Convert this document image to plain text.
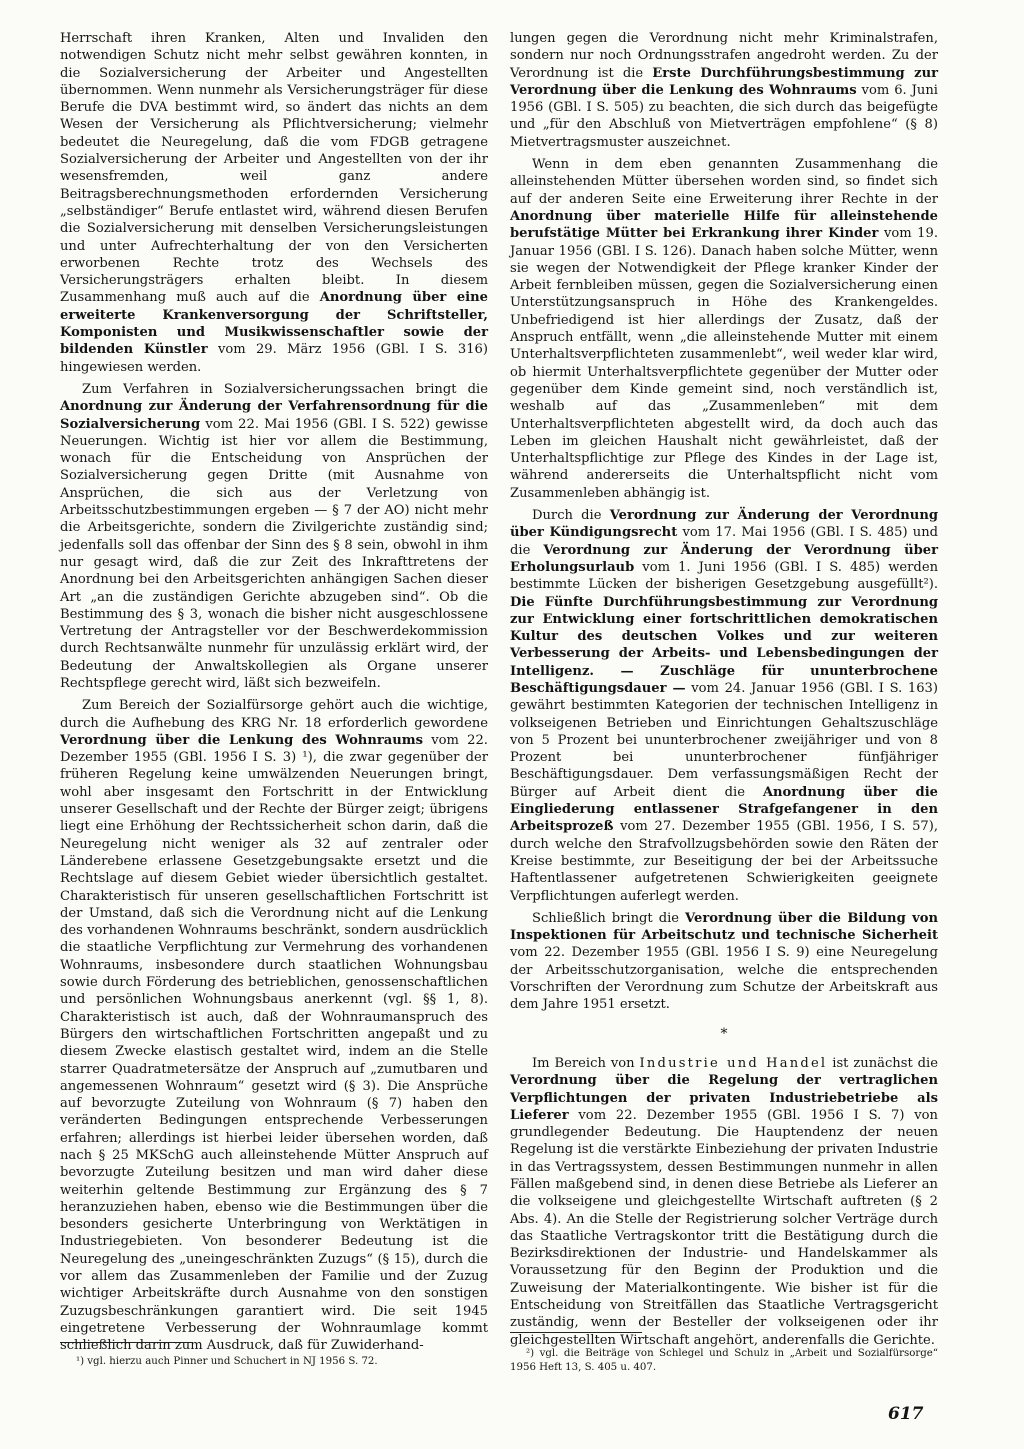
Herrschaft ihren Kranken, Alten und Invaliden den notwendigen Schutz nicht mehr selbst gewähren konnten, in die Sozialversicherung der Arbeiter und Angestellten übernommen. Wenn nunmehr als Versicherungsträger für diese Berufe die DVA bestimmt wird, so ändert das nichts an dem Wesen der Versicherung als Pflichtversicherung; vielmehr bedeutet die Neuregelung, daß die vom FDGB getragene Sozialversicherung der Arbeiter und Angestellten von der ihr wesensfremden, weil ganz andere Beitragsberechnungsmethoden erfordernden Versicherung „selbständiger“ Berufe entlastet wird, während diesen Berufen die Sozialversicherung mit denselben Versicherungsleistungen und unter Aufrechterhaltung der von den Versicherten erworbenen Rechte trotz des Wechsels des Versicherungsträgers erhalten bleibt. In diesem Zusammenhang muß auch auf die Anordnung über eine erweiterte Krankenversorgung der Schriftsteller, Komponisten und Musikwissenschaftler sowie der bildenden Künstler vom 29. März 1956 (GBl. I S. 316) hingewiesen werden.

Zum Verfahren in Sozialversicherungssachen bringt die Anordnung zur Änderung der Verfahrensordnung für die Sozialversicherung vom 22. Mai 1956 (GBl. I S. 522) gewisse Neuerungen. Wichtig ist hier vor allem die Bestimmung, wonach für die Entscheidung von Ansprüchen der Sozialversicherung gegen Dritte (mit Ausnahme von Ansprüchen, die sich aus der Verletzung von Arbeitsschutzbestimmungen ergeben — § 7 der AO) nicht mehr die Arbeitsgerichte, sondern die Zivilgerichte zuständig sind; jedenfalls soll das offenbar der Sinn des § 8 sein, obwohl in ihm nur gesagt wird, daß die zur Zeit des Inkrafttretens der Anordnung bei den Arbeitsgerichten anhängigen Sachen dieser Art „an die zuständigen Gerichte abzugeben sind“. Ob die Bestimmung des § 3, wonach die bisher nicht ausgeschlossene Vertretung der Antragsteller vor der Beschwerdekommission durch Rechtsanwälte nunmehr für unzulässig erklärt wird, der Bedeutung der Anwaltskollegien als Organe unserer Rechtspflege gerecht wird, läßt sich bezweifeln.

Zum Bereich der Sozialfürsorge gehört auch die wichtige, durch die Aufhebung des KRG Nr. 18 erforderlich gewordene Verordnung über die Lenkung des Wohnraums vom 22. Dezember 1955 (GBl. 1956 I S. 3) ¹), die zwar gegenüber der früheren Regelung keine umwälzenden Neuerungen bringt, wohl aber insgesamt den Fortschritt in der Entwicklung unserer Gesellschaft und der Rechte der Bürger zeigt; übrigens liegt eine Erhöhung der Rechtssicherheit schon darin, daß die Neuregelung nicht weniger als 32 auf zentraler oder Länderebene erlassene Gesetzgebungsakte ersetzt und die Rechtslage auf diesem Gebiet wieder übersichtlich gestaltet. Charakteristisch für unseren gesellschaftlichen Fortschritt ist der Umstand, daß sich die Verordnung nicht auf die Lenkung des vorhandenen Wohnraums beschränkt, sondern ausdrücklich die staatliche Verpflichtung zur Vermehrung des vorhandenen Wohnraums, insbesondere durch staatlichen Wohnungsbau sowie durch Förderung des betrieblichen, genossenschaftlichen und persönlichen Wohnungsbaus anerkennt (vgl. §§ 1, 8). Charakteristisch ist auch, daß der Wohnraumanspruch des Bürgers den wirtschaftlichen Fortschritten angepaßt und zu diesem Zwecke elastisch gestaltet wird, indem an die Stelle starrer Quadratmetersätze der Anspruch auf „zumutbaren und angemessenen Wohnraum“ gesetzt wird (§ 3). Die Ansprüche auf bevorzugte Zuteilung von Wohnraum (§ 7) haben den veränderten Bedingungen entsprechende Verbesserungen erfahren; allerdings ist hierbei leider übersehen worden, daß nach § 25 MKSchG auch alleinstehende Mütter Anspruch auf bevorzugte Zuteilung besitzen und man wird daher diese weiterhin geltende Bestimmung zur Ergänzung des § 7 heranzuziehen haben, ebenso wie die Bestimmungen über die besonders gesicherte Unterbringung von Werktätigen in Industriegebieten. Von besonderer Bedeutung ist die Neuregelung des „uneingeschränkten Zuzugs“ (§ 15), durch die vor allem das Zusammenleben der Familie und der Zuzug wichtiger Arbeitskräfte durch Ausnahme von den sonstigen Zuzugsbeschränkungen garantiert wird. Die seit 1945 eingetretene Verbesserung der Wohnraumlage kommt schließlich darin zum Ausdruck, daß für Zuwiderhand-

lungen gegen die Verordnung nicht mehr Kriminalstrafen, sondern nur noch Ordnungsstrafen angedroht werden. Zu der Verordnung ist die Erste Durchführungsbestimmung zur Verordnung über die Lenkung des Wohnraums vom 6. Juni 1956 (GBl. I S. 505) zu beachten, die sich durch das beigefügte und „für den Abschluß von Mietverträgen empfohlene“ (§ 8) Mietvertragsmuster auszeichnet.

Wenn in dem eben genannten Zusammenhang die alleinstehenden Mütter übersehen worden sind, so findet sich auf der anderen Seite eine Erweiterung ihrer Rechte in der Anordnung über materielle Hilfe für alleinstehende berufstätige Mütter bei Erkrankung ihrer Kinder vom 19. Januar 1956 (GBl. I S. 126). Danach haben solche Mütter, wenn sie wegen der Notwendigkeit der Pflege kranker Kinder der Arbeit fernbleiben müssen, gegen die Sozialversicherung einen Unterstützungsanspruch in Höhe des Krankengeldes. Unbefriedigend ist hier allerdings der Zusatz, daß der Anspruch entfällt, wenn „die alleinstehende Mutter mit einem Unterhaltsverpflichteten zusammenlebt“, weil weder klar wird, ob hiermit Unterhaltsverpflichtete gegenüber der Mutter oder gegenüber dem Kinde gemeint sind, noch verständlich ist, weshalb auf das „Zusammenleben“ mit dem Unterhaltsverpflichteten abgestellt wird, da doch auch das Leben im gleichen Haushalt nicht gewährleistet, daß der Unterhaltspflichtige zur Pflege des Kindes in der Lage ist, während andererseits die Unterhaltspflicht nicht vom Zusammenleben abhängig ist.

Durch die Verordnung zur Änderung der Verordnung über Kündigungsrecht vom 17. Mai 1956 (GBl. I S. 485) und die Verordnung zur Änderung der Verordnung über Erholungsurlaub vom 1. Juni 1956 (GBl. I S. 485) werden bestimmte Lücken der bisherigen Gesetzgebung ausgefüllt²). Die Fünfte Durchführungsbestimmung zur Verordnung zur Entwicklung einer fortschrittlichen demokratischen Kultur des deutschen Volkes und zur weiteren Verbesserung der Arbeits- und Lebensbedingungen der Intelligenz. — Zuschläge für ununterbrochene Beschäftigungsdauer — vom 24. Januar 1956 (GBl. I S. 163) gewährt bestimmten Kategorien der technischen Intelligenz in volkseigenen Betrieben und Einrichtungen Gehaltszuschläge von 5 Prozent bei ununterbrochener zweijähriger und von 8 Prozent bei ununterbrochener fünfjähriger Beschäftigungsdauer. Dem verfassungsmäßigen Recht der Bürger auf Arbeit dient die Anordnung über die Eingliederung entlassener Strafgefangener in den Arbeitsprozeß vom 27. Dezember 1955 (GBl. 1956, I S. 57), durch welche den Strafvollzugsbehörden sowie den Räten der Kreise bestimmte, zur Beseitigung der bei der Arbeitssuche Haftentlassener aufgetretenen Schwierigkeiten geeignete Verpflichtungen auferlegt werden.

Schließlich bringt die Verordnung über die Bildung von Inspektionen für Arbeitschutz und technische Sicherheit vom 22. Dezember 1955 (GBl. 1956 I S. 9) eine Neuregelung der Arbeitsschutzorganisation, welche die entsprechenden Vorschriften der Verordnung zum Schutze der Arbeitskraft aus dem Jahre 1951 ersetzt.

*

Im Bereich von Industrie und Handel ist zunächst die Verordnung über die Regelung der vertraglichen Verpflichtungen der privaten Industriebetriebe als Lieferer vom 22. Dezember 1955 (GBl. 1956 I S. 7) von grundlegender Bedeutung. Die Hauptendenz der neuen Regelung ist die verstärkte Einbeziehung der privaten Industrie in das Vertragssystem, dessen Bestimmungen nunmehr in allen Fällen maßgebend sind, in denen diese Betriebe als Lieferer an die volkseigene und gleichgestellte Wirtschaft auftreten (§ 2 Abs. 4). An die Stelle der Registrierung solcher Verträge durch das Staatliche Vertragskontor tritt die Bestätigung durch die Bezirksdirektionen der Industrie- und Handelskammer als Voraussetzung für den Beginn der Produktion und die Zuweisung der Materialkontingente. Wie bisher ist für die Entscheidung von Streitfällen das Staatliche Vertragsgericht zuständig, wenn der Besteller der volkseigenen oder ihr gleichgestellten Wirtschaft angehört, anderenfalls die Gerichte.

¹) vgl. hierzu auch Pinner und Schuchert in NJ 1956 S. 72.
²) vgl. die Beiträge von Schlegel und Schulz in „Arbeit und Sozialfürsorge“ 1956 Heft 13, S. 405 u. 407.
617
